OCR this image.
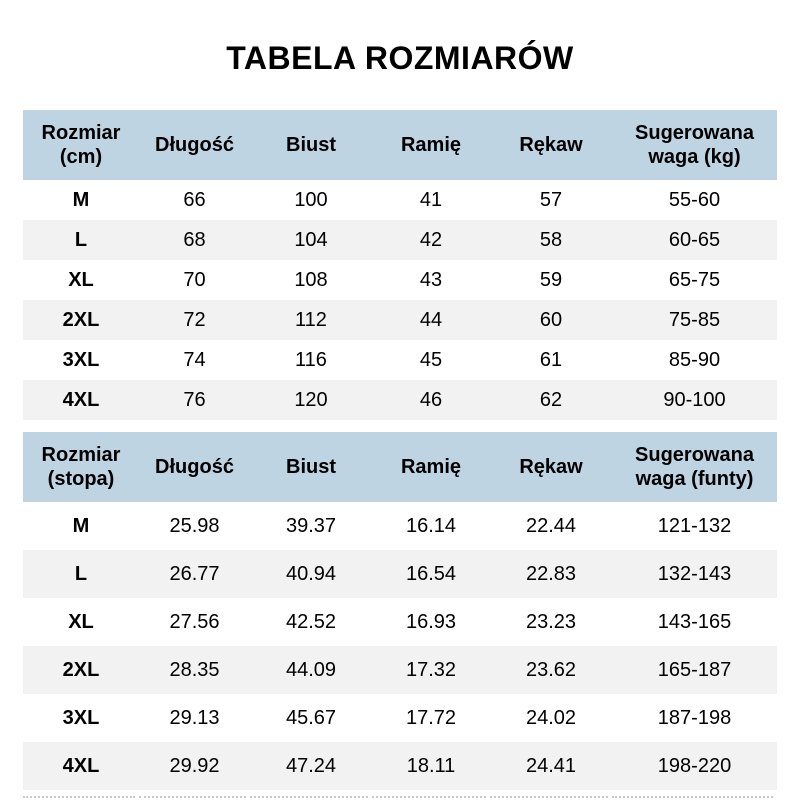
TABELA ROZMIARÓW
Rozmiar (cm)	Długość	Biust	Ramię	Rękaw	Sugerowana waga (kg)
M	66	100	41	57	55-60
L	68	104	42	58	60-65
XL	70	108	43	59	65-75
2XL	72	112	44	60	75-85
3XL	74	116	45	61	85-90
4XL	76	120	46	62	90-100
Rozmiar (stopa)	Długość	Biust	Ramię	Rękaw	Sugerowana waga (funty)
M	25.98	39.37	16.14	22.44	121-132
L	26.77	40.94	16.54	22.83	132-143
XL	27.56	42.52	16.93	23.23	143-165
2XL	28.35	44.09	17.32	23.62	165-187
3XL	29.13	45.67	17.72	24.02	187-198
4XL	29.92	47.24	18.11	24.41	198-220
